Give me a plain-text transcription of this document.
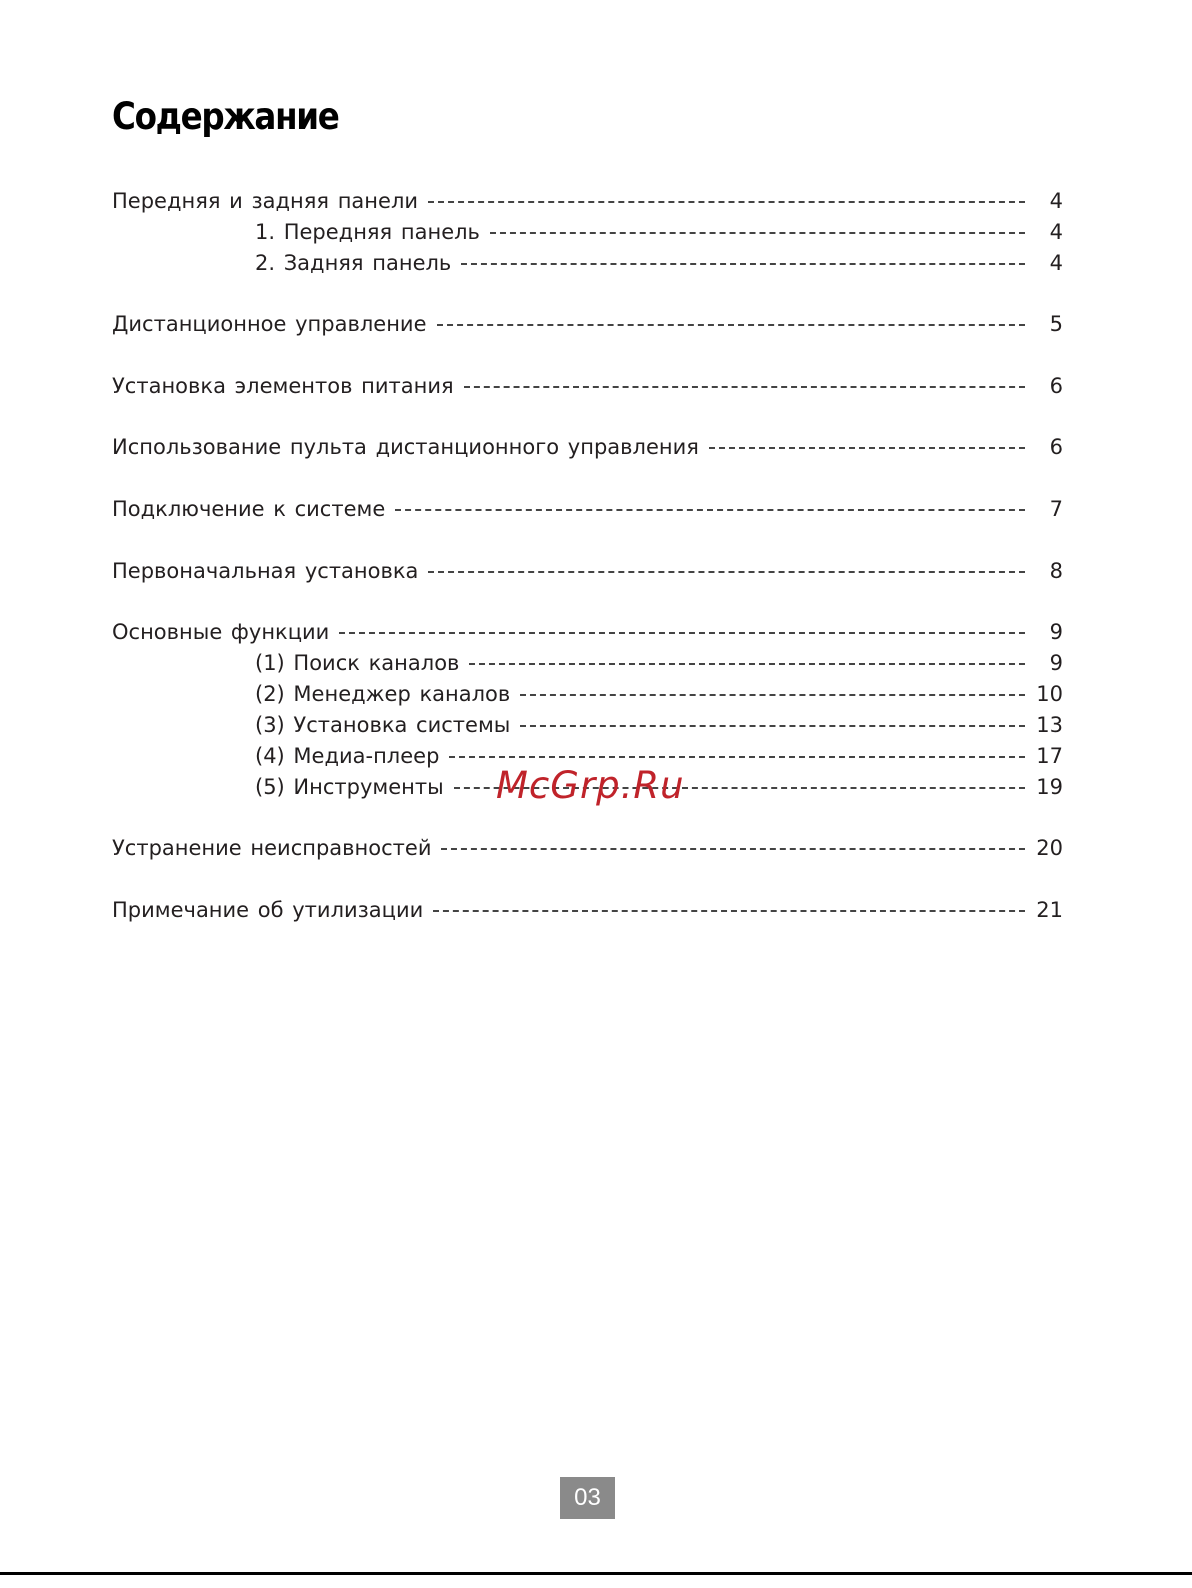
Содержание
Передняя и задняя панели	4
1. Передняя панель	4
2. Задняя панель	4
Дистанционное управление	5
Установка элементов питания	6
Использование пульта дистанционного управления	6
Подключение к системе	7
Первоначальная установка	8
Основные функции	9
(1) Поиск каналов	9
(2) Менеджер каналов	10
(3) Установка системы	13
(4) Медиа-плеер	17
(5) Инструменты	19
Устранение неисправностей	20
Примечание об утилизации	21
McGrp.Ru
03
